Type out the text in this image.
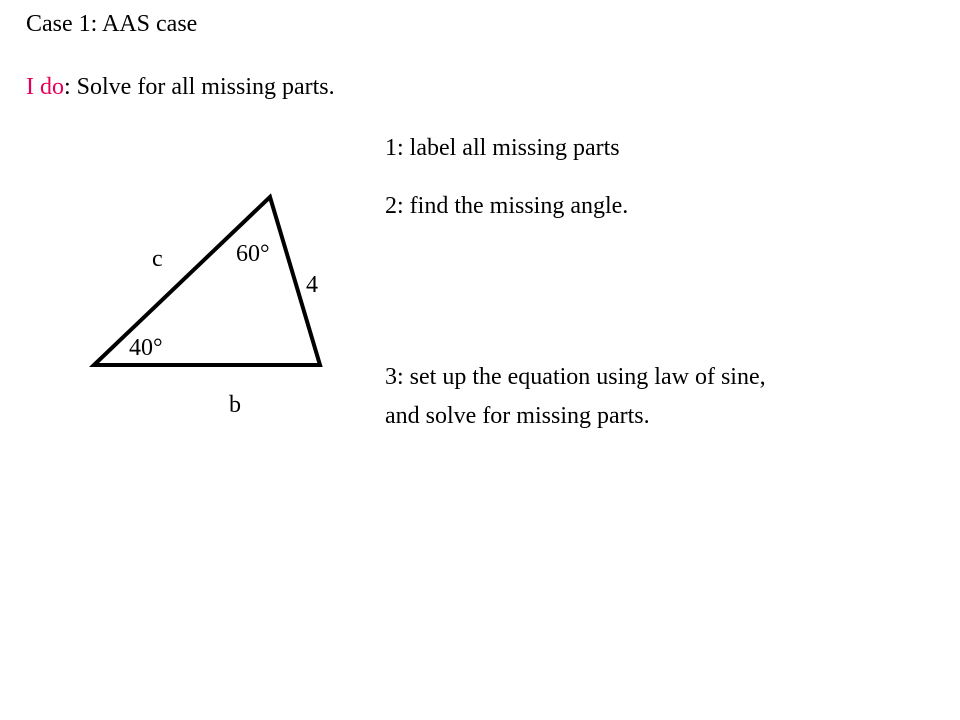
Case 1: AAS case
I do: Solve for all missing parts.
1: label all missing parts
2: find the missing angle.
3: set up the equation using law of sine,
and solve for missing parts.
c	60°
4
40°
b
